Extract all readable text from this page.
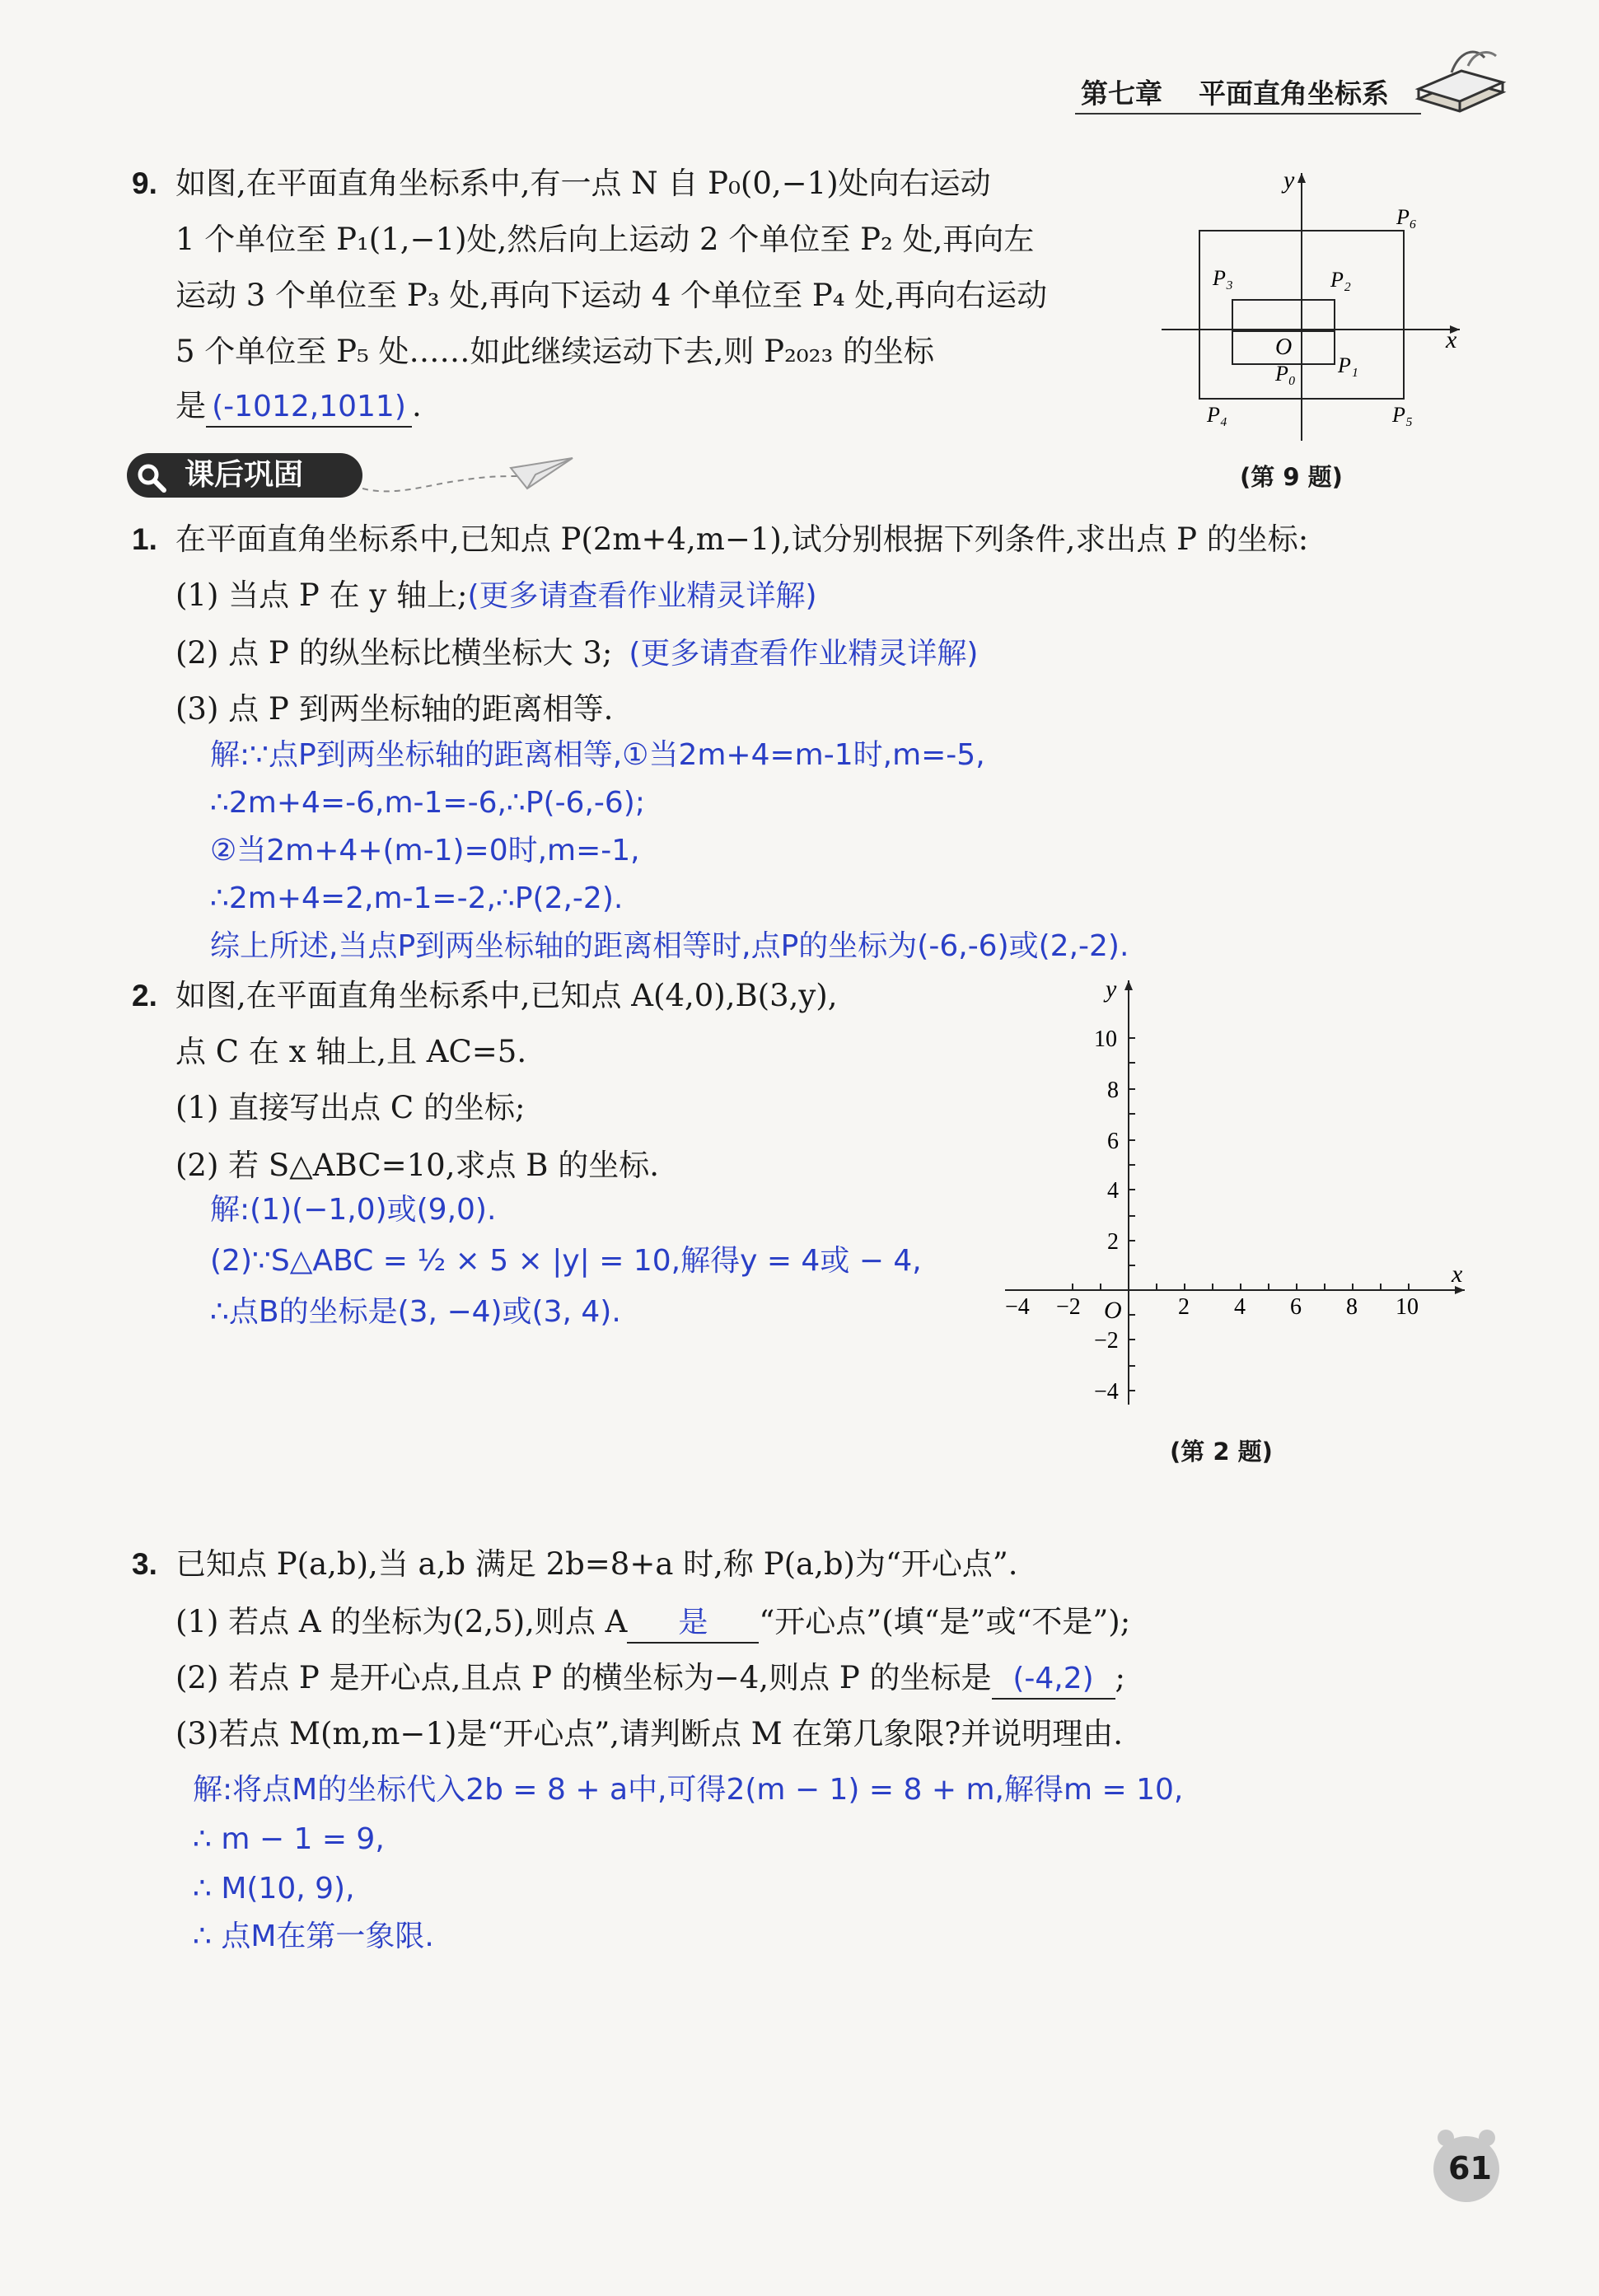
第七章 平面直角坐标系
9. 如图,在平面直角坐标系中,有一点 N 自 P₀(0,−1)处向右运动
1 个单位至 P₁(1,−1)处,然后向上运动 2 个单位至 P₂ 处,再向左
运动 3 个单位至 P₃ 处,再向下运动 4 个单位至 P₄ 处,再向右运动
5 个单位至 P₅ 处……如此继续运动下去,则 P₂₀₂₃ 的坐标
是 (-1012,1011) .
y
x
O
P₀ P₁
P₂
P₃
P₄	P₅
P₆
(第 9 题)
课后巩固
1. 在平面直角坐标系中,已知点 P(2m+4,m−1),试分别根据下列条件,求出点 P 的坐标:
(1) 当点 P 在 y 轴上;(更多请查看作业精灵详解)
(2) 点 P 的纵坐标比横坐标大 3; (更多请查看作业精灵详解)
(3) 点 P 到两坐标轴的距离相等.
解:∵点P到两坐标轴的距离相等,①当2m+4=m-1时,m=-5,
∴2m+4=-6,m-1=-6,∴P(-6,-6);
②当2m+4+(m-1)=0时,m=-1,
∴2m+4=2,m-1=-2,∴P(2,-2).
综上所述,当点P到两坐标轴的距离相等时,点P的坐标为(-6,-6)或(2,-2).
2. 如图,在平面直角坐标系中,已知点 A(4,0),B(3,y),
点 C 在 x 轴上,且 AC=5.
(1) 直接写出点 C 的坐标;
(2) 若 S△ABC=10,求点 B 的坐标.
解:(1)(−1,0)或(9,0).
(2)∵S△ABC = ½ × 5 × |y| = 10,解得y = 4或 − 4,
∴点B的坐标是(3, −4)或(3, 4).
y
x
O
−4 −2	2 4 6 8 10
10
8
6
4
2
−2
−4
(第 2 题)
3. 已知点 P(a,b),当 a,b 满足 2b=8+a 时,称 P(a,b)为“开心点”.
(1) 若点 A 的坐标为(2,5),则点 A 是 “开心点”(填“是”或“不是”);
(2) 若点 P 是开心点,且点 P 的横坐标为−4,则点 P 的坐标是 (-4,2) ;
(3)若点 M(m,m−1)是“开心点”,请判断点 M 在第几象限?并说明理由.
解:将点M的坐标代入2b = 8 + a中,可得2(m − 1) = 8 + m,解得m = 10,
∴ m − 1 = 9,
∴ M(10, 9),
∴ 点M在第一象限.
61
